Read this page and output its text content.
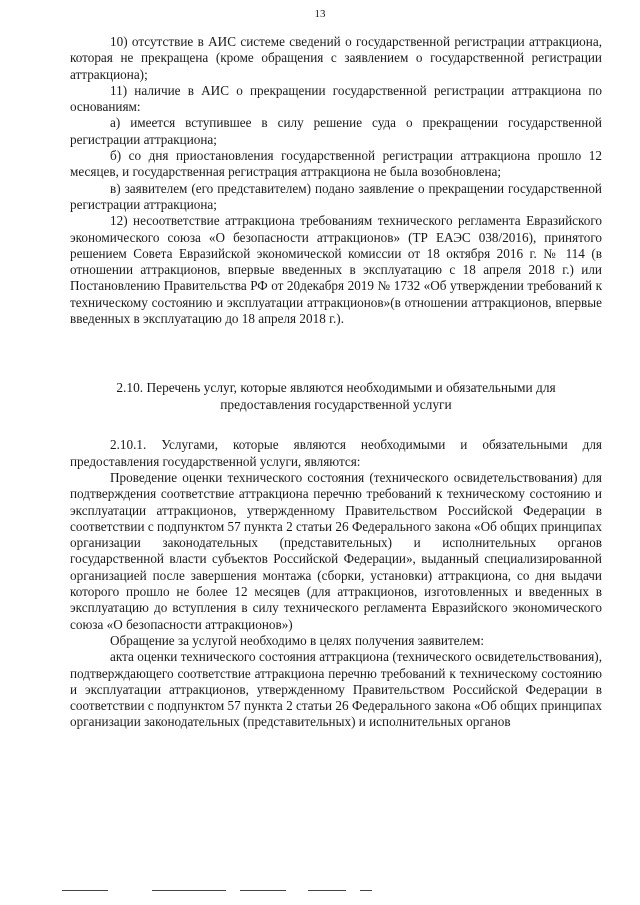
13

10) отсутствие в АИС системе сведений о государственной регистрации аттракциона, которая не прекращена (кроме обращения с заявлением о государственной регистрации аттракциона);

11) наличие в АИС о прекращении государственной регистрации аттракциона по основаниям:

а) имеется вступившее в силу решение суда о прекращении государственной регистрации аттракциона;

б) со дня приостановления государственной регистрации аттракциона прошло 12 месяцев, и государственная регистрация аттракциона не была возобновлена;

в) заявителем (его представителем) подано заявление о прекращении государственной регистрации аттракциона;

12) несоответствие аттракциона требованиям технического регламента Евразийского экономического союза «О безопасности аттракционов» (ТР ЕАЭС 038/2016), принятого решением Совета Евразийской экономической комиссии от 18 октября 2016 г. № 114 (в отношении аттракционов, впервые введенных в эксплуатацию с 18 апреля 2018 г.) или Постановлению Правительства РФ от 20декабря 2019 № 1732 «Об утверждении требований к техническому состоянию и эксплуатации аттракционов»(в отношении аттракционов, впервые введенных в эксплуатацию до 18 апреля 2018 г.).

2.10. Перечень услуг, которые являются необходимыми и обязательными для предоставления государственной услуги

2.10.1. Услугами, которые являются необходимыми и обязательными для предоставления государственной услуги, являются:

Проведение оценки технического состояния (технического освидетельствования) для подтверждения соответствие аттракциона перечню требований к техническому состоянию и эксплуатации аттракционов, утвержденному Правительством Российской Федерации в соответствии с подпунктом 57 пункта 2 статьи 26 Федерального закона «Об общих принципах организации законодательных (представительных) и исполнительных органов государственной власти субъектов Российской Федерации», выданный специализированной организацией после завершения монтажа (сборки, установки) аттракциона, со дня выдачи которого прошло не более 12 месяцев (для аттракционов, изготовленных и введенных в эксплуатацию до вступления в силу технического регламента Евразийского экономического союза «О безопасности аттракционов»)

Обращение за услугой необходимо в целях получения заявителем:

акта оценки технического состояния аттракциона (технического освидетельствования), подтверждающего соответствие аттракциона перечню требований к техническому состоянию и эксплуатации аттракционов, утвержденному Правительством Российской Федерации в соответствии с подпунктом 57 пункта 2 статьи 26 Федерального закона «Об общих принципах организации законодательных (представительных) и исполнительных органов
